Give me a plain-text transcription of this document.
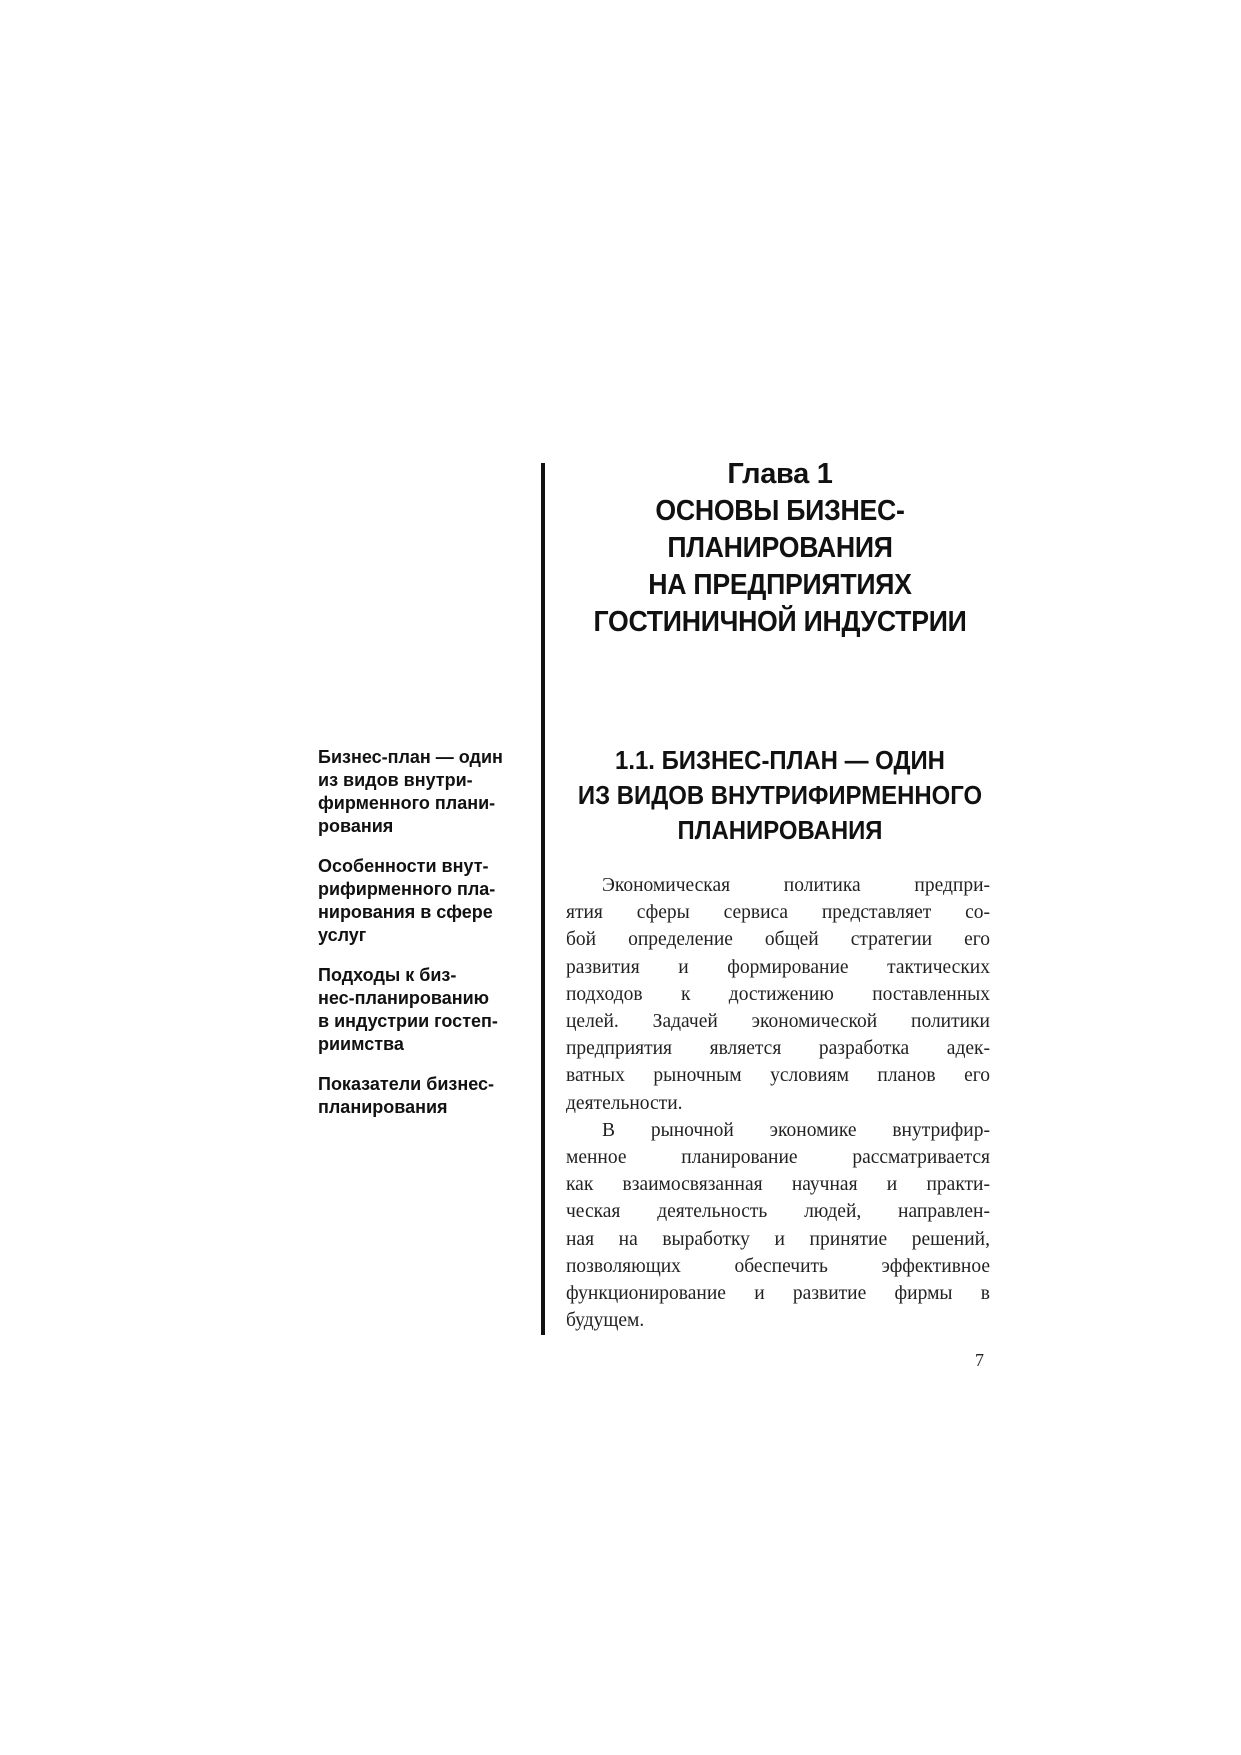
Глава 1
ОСНОВЫ БИЗНЕС-
ПЛАНИРОВАНИЯ
НА ПРЕДПРИЯТИЯХ
ГОСТИНИЧНОЙ ИНДУСТРИИ
Бизнес-план — один
из видов внутри-
фирменного плани-
рования
Особенности внут-
рифирменного пла-
нирования в сфере
услуг
Подходы к биз-
нес-планированию
в индустрии гостеп-
риимства
Показатели бизнес-
планирования
1.1. БИЗНЕС-ПЛАН — ОДИН
ИЗ ВИДОВ ВНУТРИФИРМЕННОГО
ПЛАНИРОВАНИЯ
Экономическая политика предпри-
ятия сферы сервиса представляет со-
бой определение общей стратегии его
развития и формирование тактических
подходов к достижению поставленных
целей. Задачей экономической политики
предприятия является разработка адек-
ватных рыночным условиям планов его
деятельности.
В рыночной экономике внутрифир-
менное планирование рассматривается
как взаимосвязанная научная и практи-
ческая деятельность людей, направлен-
ная на выработку и принятие решений,
позволяющих обеспечить эффективное
функционирование и развитие фирмы в
будущем.
7
